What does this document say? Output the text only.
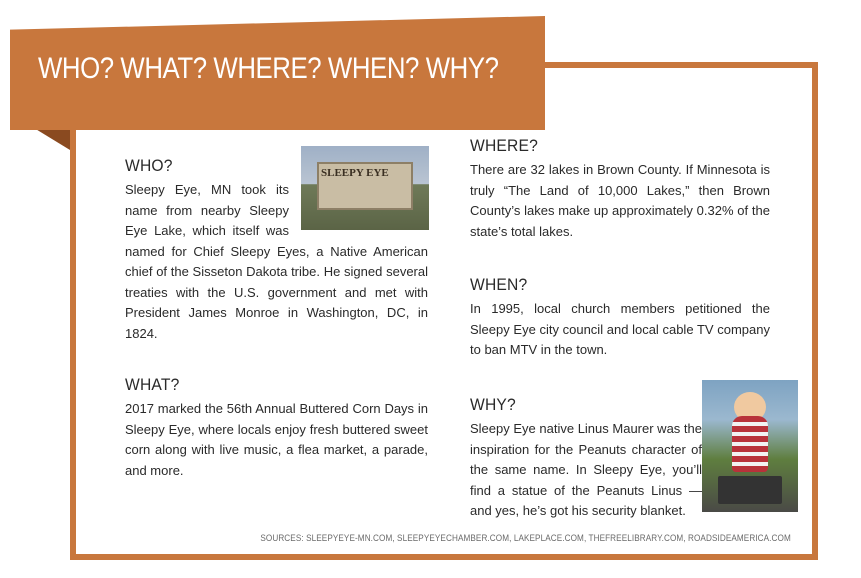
WHO? WHAT? WHERE? WHEN? WHY?
SLEEPY EYE
WHO?

Sleepy Eye, MN took its name from nearby Sleepy Eye Lake, which itself was named for Chief Sleepy Eyes, a Native American chief of the Sisseton Dakota tribe. He signed several treaties with the U.S. government and met with President James Monroe in Washington, DC, in 1824.

WHAT?

2017 marked the 56th Annual Buttered Corn Days in Sleepy Eye, where locals enjoy fresh buttered sweet corn along with live music, a flea market, a parade, and more.

WHERE?

There are 32 lakes in Brown County. If Minnesota is truly “The Land of 10,000 Lakes,” then Brown County’s lakes make up approximately 0.32% of the state’s total lakes.

WHEN?

In 1995, local church members petitioned the Sleepy Eye city council and local cable TV company to ban MTV in the town.

WHY?

Sleepy Eye native Linus Maurer was the inspiration for the Peanuts character of the same name. In Sleepy Eye, you’ll find a statue of the Peanuts Linus — and yes, he’s got his security blanket.

SOURCES: SLEEPYEYE-MN.COM, SLEEPYEYECHAMBER.COM, LAKEPLACE.COM, THEFREELIBRARY.COM, ROADSIDEAMERICA.COM
